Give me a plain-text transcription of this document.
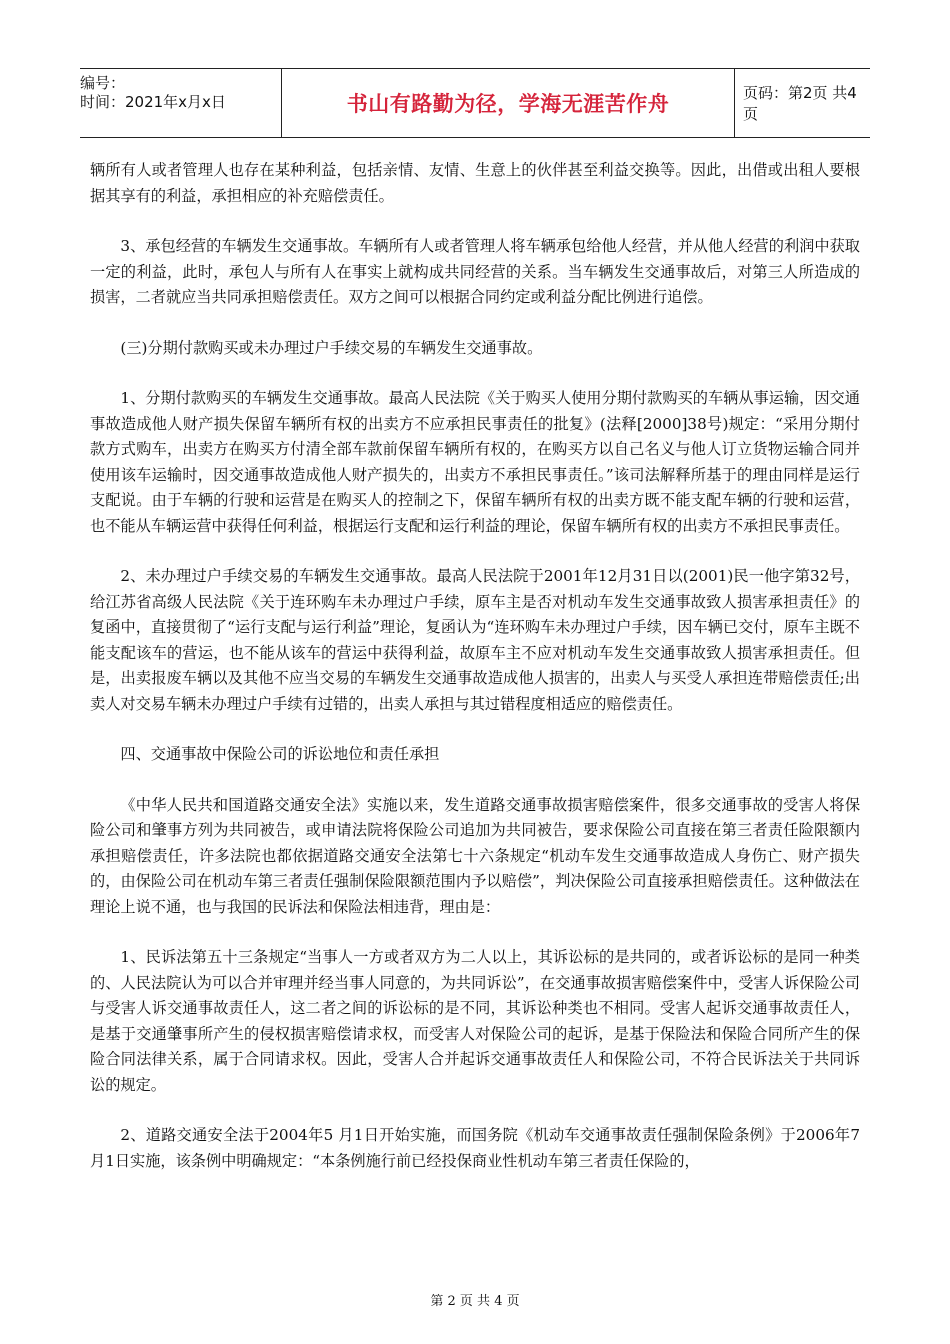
编号：
时间：2021年x月x日	书山有路勤为径，学海无涯苦作舟	页码：第2页 共4页

辆所有人或者管理人也存在某种利益，包括亲情、友情、生意上的伙伴甚至利益交换等。因此，出借或出租人要根据其享有的利益，承担相应的补充赔偿责任。

3、承包经营的车辆发生交通事故。车辆所有人或者管理人将车辆承包给他人经营，并从他人经营的利润中获取一定的利益，此时，承包人与所有人在事实上就构成共同经营的关系。当车辆发生交通事故后，对第三人所造成的损害，二者就应当共同承担赔偿责任。双方之间可以根据合同约定或利益分配比例进行追偿。

(三)分期付款购买或未办理过户手续交易的车辆发生交通事故。

1、分期付款购买的车辆发生交通事故。最高人民法院《关于购买人使用分期付款购买的车辆从事运输，因交通事故造成他人财产损失保留车辆所有权的出卖方不应承担民事责任的批复》(法释[2000]38号)规定：“采用分期付款方式购车，出卖方在购买方付清全部车款前保留车辆所有权的，在购买方以自己名义与他人订立货物运输合同并使用该车运输时，因交通事故造成他人财产损失的，出卖方不承担民事责任。”该司法解释所基于的理由同样是运行支配说。由于车辆的行驶和运营是在购买人的控制之下，保留车辆所有权的出卖方既不能支配车辆的行驶和运营，也不能从车辆运营中获得任何利益，根据运行支配和运行利益的理论，保留车辆所有权的出卖方不承担民事责任。

2、未办理过户手续交易的车辆发生交通事故。最高人民法院于2001年12月31日以(2001)民一他字第32号，给江苏省高级人民法院《关于连环购车未办理过户手续，原车主是否对机动车发生交通事故致人损害承担责任》的复函中，直接贯彻了“运行支配与运行利益”理论，复函认为“连环购车未办理过户手续，因车辆已交付，原车主既不能支配该车的营运，也不能从该车的营运中获得利益，故原车主不应对机动车发生交通事故致人损害承担责任。但是，出卖报废车辆以及其他不应当交易的车辆发生交通事故造成他人损害的，出卖人与买受人承担连带赔偿责任;出卖人对交易车辆未办理过户手续有过错的，出卖人承担与其过错程度相适应的赔偿责任。

四、交通事故中保险公司的诉讼地位和责任承担

《中华人民共和国道路交通安全法》实施以来，发生道路交通事故损害赔偿案件，很多交通事故的受害人将保险公司和肇事方列为共同被告，或申请法院将保险公司追加为共同被告，要求保险公司直接在第三者责任险限额内承担赔偿责任，许多法院也都依据道路交通安全法第七十六条规定“机动车发生交通事故造成人身伤亡、财产损失的，由保险公司在机动车第三者责任强制保险限额范围内予以赔偿”，判决保险公司直接承担赔偿责任。这种做法在理论上说不通，也与我国的民诉法和保险法相违背，理由是：

1、民诉法第五十三条规定“当事人一方或者双方为二人以上，其诉讼标的是共同的，或者诉讼标的是同一种类的、人民法院认为可以合并审理并经当事人同意的，为共同诉讼”，在交通事故损害赔偿案件中，受害人诉保险公司与受害人诉交通事故责任人，这二者之间的诉讼标的是不同，其诉讼种类也不相同。受害人起诉交通事故责任人，是基于交通肇事所产生的侵权损害赔偿请求权，而受害人对保险公司的起诉，是基于保险法和保险合同所产生的保险合同法律关系，属于合同请求权。因此，受害人合并起诉交通事故责任人和保险公司，不符合民诉法关于共同诉讼的规定。

2、道路交通安全法于2004年5 月1日开始实施，而国务院《机动车交通事故责任强制保险条例》于2006年7月1日实施，该条例中明确规定：“本条例施行前已经投保商业性机动车第三者责任保险的，

第 2 页 共 4 页
